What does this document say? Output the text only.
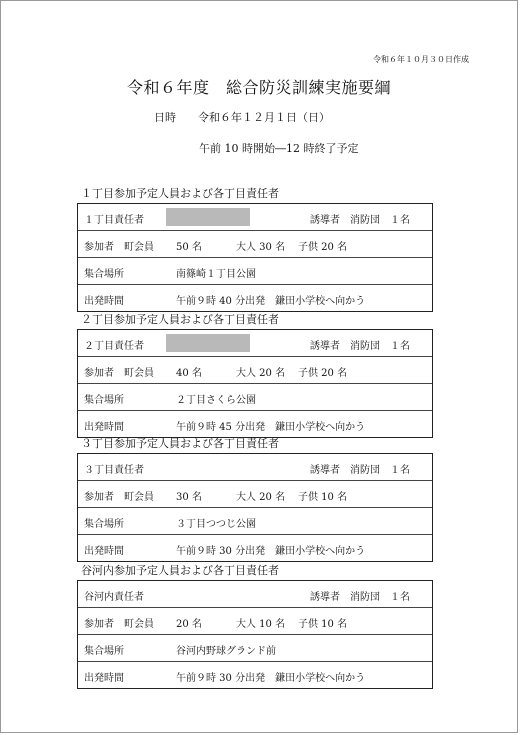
令和６年１０月３０日作成
令和６年度　総合防災訓練実施要綱
日時　　令和６年１２月１日（日）
午前 10 時開始―12 時終了予定
１丁目参加予定人員および各丁目責任者
１丁目責任者	誘導者　消防団　１名
参加者　町会員 50 名	大人 30 名 子供 20 名
集合場所	南篠崎１丁目公園
出発時間	午前９時 40 分出発　鎌田小学校へ向かう
２丁目参加予定人員および各丁目責任者
２丁目責任者	誘導者　消防団　１名
参加者　町会員 40 名	大人 20 名 子供 20 名
集合場所	２丁目さくら公園
出発時間	午前９時 45 分出発　鎌田小学校へ向かう
３丁目参加予定人員および各丁目責任者
３丁目責任者	誘導者　消防団　１名
参加者　町会員 30 名	大人 20 名 子供 10 名
集合場所	３丁目つつじ公園
出発時間	午前９時 30 分出発　鎌田小学校へ向かう
谷河内参加予定人員および各丁目責任者
谷河内責任者	誘導者　消防団　１名
参加者　町会員 20 名	大人 10 名 子供 10 名
集合場所	谷河内野球グランド前
出発時間	午前９時 30 分出発　鎌田小学校へ向かう
